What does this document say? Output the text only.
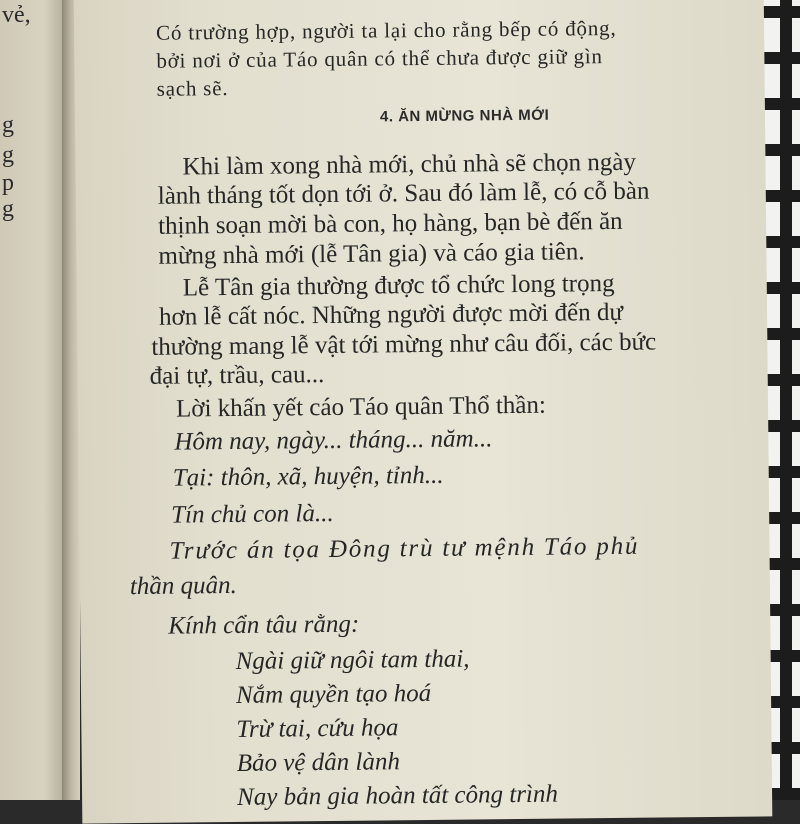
vẻ,
g
g
p
g
Có trường hợp, người ta lại cho rằng bếp có động,
bởi nơi ở của Táo quân có thể chưa được giữ gìn
sạch sẽ.
4. ĂN MỪNG NHÀ MỚI
Khi làm xong nhà mới, chủ nhà sẽ chọn ngày
lành tháng tốt dọn tới ở. Sau đó làm lễ, có cỗ bàn
thịnh soạn mời bà con, họ hàng, bạn bè đến ăn
mừng nhà mới (lễ Tân gia) và cáo gia tiên.
Lễ Tân gia thường được tổ chức long trọng
hơn lễ cất nóc. Những người được mời đến dự
thường mang lễ vật tới mừng như câu đối, các bức
đại tự, trầu, cau...
Lời khấn yết cáo Táo quân Thổ thần:
Hôm nay, ngày... tháng... năm...
Tại: thôn, xã, huyện, tỉnh...
Tín chủ con là...
Trước án tọa Đông trù tư mệnh Táo phủ
thần quân.
Kính cẩn tâu rằng:
Ngài giữ ngôi tam thai,
Nắm quyền tạo hoá
Trừ tai, cứu họa
Bảo vệ dân lành
Nay bản gia hoàn tất công trình
